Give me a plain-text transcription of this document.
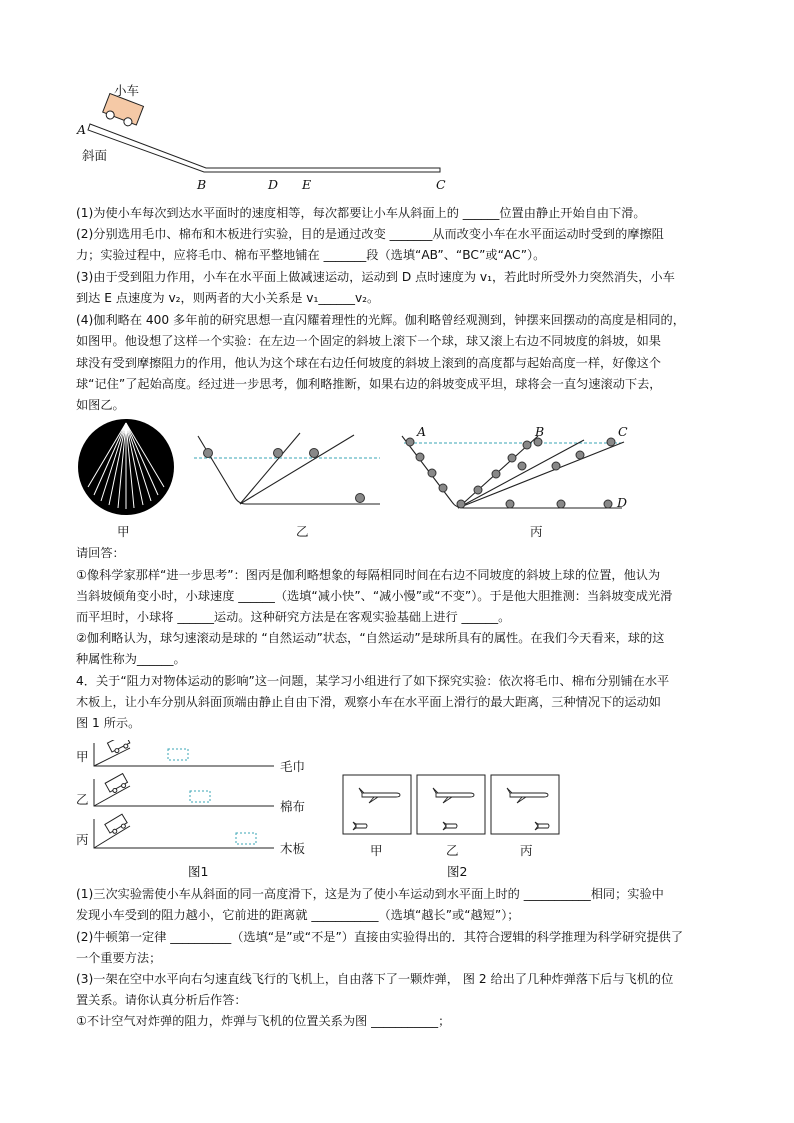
小车
A
斜面
B	D E	C
(1)为使小车每次到达水平面时的速度相等，每次都要让小车从斜面上的 ______位置由静止开始自由下滑。
(2)分别选用毛巾、棉布和木板进行实验，目的是通过改变 _______从而改变小车在水平面运动时受到的摩擦阻
力；实验过程中，应将毛巾、棉布平整地铺在 _______段（选填“AB”、“BC”或“AC”）。
(3)由于受到阻力作用，小车在水平面上做减速运动，运动到 D 点时速度为 v₁，若此时所受外力突然消失，小车
到达 E 点速度为 v₂，则两者的大小关系是 v₁______v₂。
(4)伽利略在 400 多年前的研究思想一直闪耀着理性的光辉。伽利略曾经观测到，钟摆来回摆动的高度是相同的，
如图甲。他设想了这样一个实验：在左边一个固定的斜坡上滚下一个球，球又滚上右边不同坡度的斜坡，如果
球没有受到摩擦阻力的作用，他认为这个球在右边任何坡度的斜坡上滚到的高度都与起始高度一样，好像这个
球“记住”了起始高度。经过进一步思考，伽利略推断，如果右边的斜坡变成平坦，球将会一直匀速滚动下去，
如图乙。
A	B	C
D
甲	乙	丙
请回答：
①像科学家那样“进一步思考”：图丙是伽利略想象的每隔相同时间在右边不同坡度的斜坡上球的位置，他认为
当斜坡倾角变小时，小球速度 ______（选填“减小快”、“减小慢”或“不变”）。于是他大胆推测：当斜坡变成光滑
而平坦时，小球将 ______运动。这种研究方法是在客观实验基础上进行 ______。
②伽利略认为，球匀速滚动是球的 “自然运动”状态，“自然运动”是球所具有的属性。在我们今天看来，球的这
种属性称为______。
4．关于“阻力对物体运动的影响”这一问题，某学习小组进行了如下探究实验：依次将毛巾、棉布分别铺在水平
木板上，让小车分别从斜面顶端由静止自由下滑，观察小车在水平面上滑行的最大距离，三种情况下的运动如
图 1 所示。
甲
乙
丙
毛巾
棉布
木板
图1
甲	乙	丙
图2
(1)三次实验需使小车从斜面的同一高度滑下，这是为了使小车运动到水平面上时的 ___________相同；实验中
发现小车受到的阻力越小，它前进的距离就 ___________（选填“越长”或“越短”）；
(2)牛顿第一定律 __________（选填“是”或“不是”）直接由实验得出的．其符合逻辑的科学推理为科学研究提供了
一个重要方法；
(3)一架在空中水平向右匀速直线飞行的飞机上，自由落下了一颗炸弹， 图 2 给出了几种炸弹落下后与飞机的位
置关系。请你认真分析后作答：
①不计空气对炸弹的阻力，炸弹与飞机的位置关系为图 ___________；
